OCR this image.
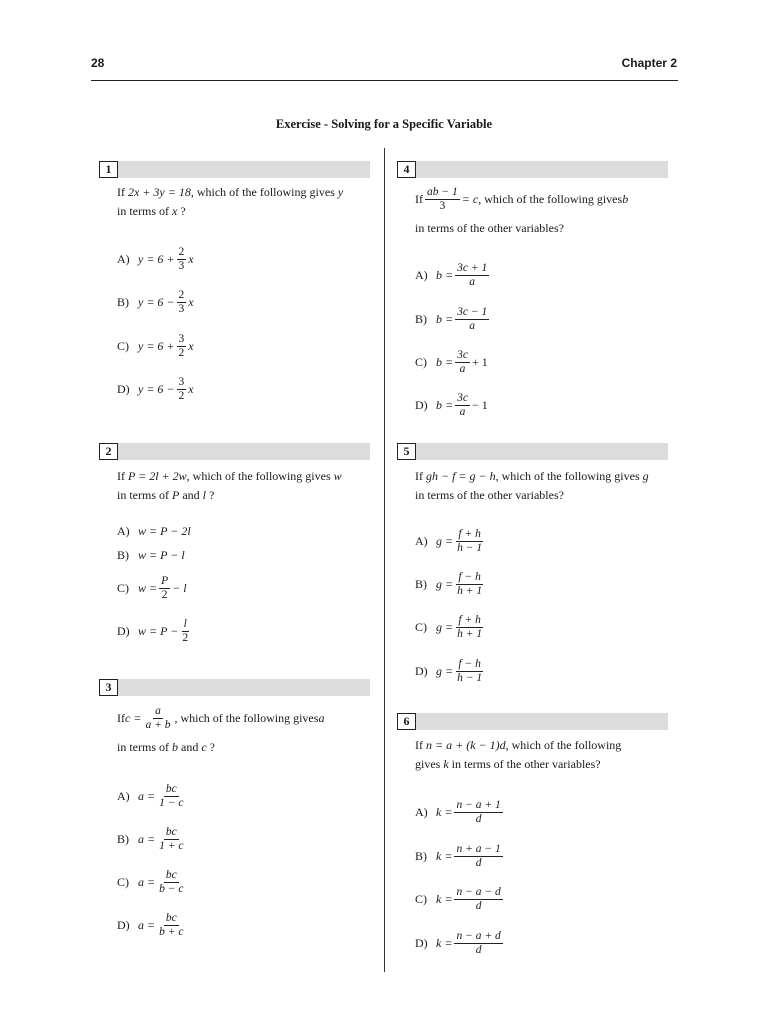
28	Chapter 2
Exercise - Solving for a Specific Variable
1
If 2x + 3y = 18, which of the following gives y
in terms of x ?
A) $y = 6 + \frac{2}{3}$ x
B) $y = 6 - \frac{2}{3}$ x
C) $y = 6 + \frac{3}{2}$ x
D) $y = 6 - \frac{3}{2}$ x
2
If P = 2l + 2w, which of the following gives w
in terms of P and l ?
A) w = P − 2l
B) w = P − l
C) $w = \frac{P}{2} - l$
D) $w = P - \frac{l}{2}$
3
If $c = \frac{a}{a + b}$ , which of the following gives a
in terms of b and c ?
A) $a = \frac{bc}{1 - c}$
B) $a = \frac{bc}{1 + c}$
C) $a = \frac{bc}{b - c}$
D) $a = \frac{bc}{b + c}$
4
If $\frac{ab - 1}{3} = c$ , which of the following gives b
in terms of the other variables?
A) $b = \frac{3c + 1}{a}$
B) $b = \frac{3c - 1}{a}$
C) $b = \frac{3c}{a} + 1$
D) $b = \frac{3c}{a} - 1$
5
If gh − f = g − h, which of the following gives g
in terms of the other variables?
A) $g = \frac{f + h}{h - 1}$
B) $g = \frac{f - h}{h + 1}$
C) $g = \frac{f + h}{h + 1}$
D) $g = \frac{f - h}{h - 1}$
6
If n = a + (k − 1)d, which of the following
gives k in terms of the other variables?
A) $k = \frac{n - a + 1}{d}$
B) $k = \frac{n + a - 1}{d}$
C) $k = \frac{n - a - d}{d}$
D) $k = \frac{n - a + d}{d}$
